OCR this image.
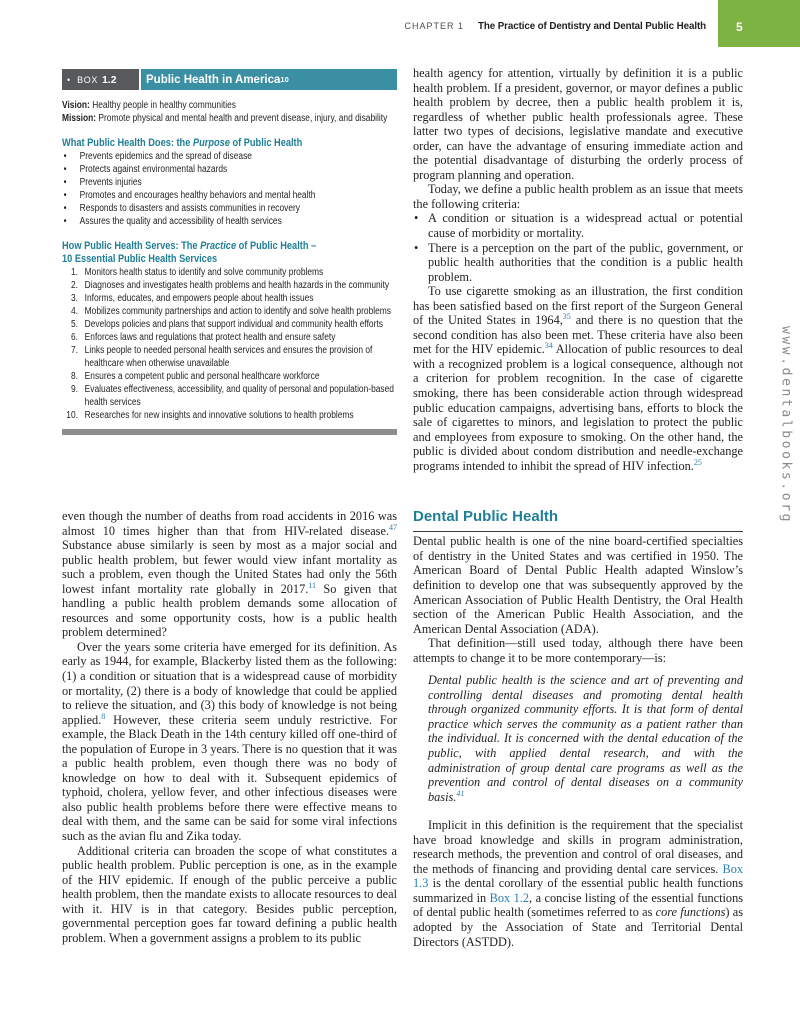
CHAPTER 1 The Practice of Dentistry and Dental Public Health	5
• BOX 1.2	Public Health in America 10
Vision: Healthy people in healthy communities
Mission: Promote physical and mental health and prevent disease, injury, and disability
What Public Health Does: the Purpose of Public Health
• Prevents epidemics and the spread of disease
• Protects against environmental hazards
• Prevents injuries
• Promotes and encourages healthy behaviors and mental health
• Responds to disasters and assists communities in recovery
• Assures the quality and accessibility of health services
How Public Health Serves: The Practice of Public Health –
10 Essential Public Health Services
1. Monitors health status to identify and solve community problems
2. Diagnoses and investigates health problems and health hazards in the community
3. Informs, educates, and empowers people about health issues
4. Mobilizes community partnerships and action to identify and solve health problems
5. Develops policies and plans that support individual and community health efforts
6. Enforces laws and regulations that protect health and ensure safety
7. Links people to needed personal health services and ensures the provision of healthcare when otherwise unavailable
8. Ensures a competent public and personal healthcare workforce
9. Evaluates effectiveness, accessibility, and quality of personal and population-based health services
10. Researches for new insights and innovative solutions to health problems

even though the number of deaths from road accidents in 2016 was almost 10 times higher than that from HIV-related disease.$^{47}$ Substance abuse similarly is seen by most as a major social and public health problem, but fewer would view infant mortality as such a problem, even though the United States had only the 56th lowest infant mortality rate globally in 2017.11 So given that handling a public health problem demands some allocation of resources and some opportunity costs, how is a public health problem determined?

Over the years some criteria have emerged for its definition. As early as 1944, for example, Blackerby listed them as the following: (1) a condition or situation that is a widespread cause of morbidity or mortality, (2) there is a body of knowledge that could be applied to relieve the situation, and (3) this body of knowledge is not being applied.$^8$ However, these criteria seem unduly restrictive. For example, the Black Death in the 14th century killed off one-third of the population of Europe in 3 years. There is no question that it was a public health problem, even though there was no body of knowledge on how to deal with it. Subsequent epidemics of typhoid, cholera, yellow fever, and other infectious diseases were also public health problems before there were effective means to deal with them, and the same can be said for some viral infections such as the avian flu and Zika today.

Additional criteria can broaden the scope of what constitutes a public health problem. Public perception is one, as in the example of the HIV epidemic. If enough of the public perceive a public health problem, then the mandate exists to allocate resources to deal with it. HIV is in that category. Besides public perception, governmental perception goes far toward defining a public health problem. When a government assigns a problem to its public

health agency for attention, virtually by definition it is a public health problem. If a president, governor, or mayor defines a public health problem by decree, then a public health problem it is, regardless of whether public health professionals agree. These latter two types of decisions, legislative mandate and executive order, can have the advantage of ensuring immediate action and the potential disadvantage of disturbing the orderly process of program planning and operation.

Today, we define a public health problem as an issue that meets the following criteria:

• A condition or situation is a widespread actual or potential cause of morbidity or mortality.
• There is a perception on the part of the public, government, or public health authorities that the condition is a public health problem.

To use cigarette smoking as an illustration, the first condition has been satisfied based on the first report of the Surgeon General of the United States in 1964,35 and there is no question that the second condition has also been met. These criteria have also been met for the HIV epidemic.$^{34}$ Allocation of public resources to deal with a recognized problem is a logical consequence, although not a criterion for problem recognition. In the case of cigarette smoking, there has been considerable action through widespread public education campaigns, advertising bans, efforts to block the sale of cigarettes to minors, and legislation to protect the public and employees from exposure to smoking. On the other hand, the public is divided about condom distribution and needle-exchange programs intended to inhibit the spread of HIV infection.$^{25}$

Dental Public Health

Dental public health is one of the nine board-certified specialties of dentistry in the United States and was certified in 1950. The American Board of Dental Public Health adapted Winslow’s definition to develop one that was subsequently approved by the American Association of Public Health Dentistry, the Oral Health section of the American Public Health Association, and the American Dental Association (ADA).

That definition—still used today, although there have been attempts to change it to be more contemporary—is:

Dental public health is the science and art of preventing and controlling dental diseases and promoting dental health through organized community efforts. It is that form of dental practice which serves the community as a patient rather than the individual. It is concerned with the dental education of the public, with applied dental research, and with the administration of group dental care programs as well as the prevention and control of dental diseases on a community basis.$^{41}$

Implicit in this definition is the requirement that the specialist have broad knowledge and skills in program administration, research methods, the prevention and control of oral diseases, and the methods of financing and providing dental care services. Box 1.3 is the dental corollary of the essential public health functions summarized in Box 1.2, a concise listing of the essential functions of dental public health (sometimes referred to as core functions) as adopted by the Association of State and Territorial Dental Directors (ASTDD).

www.dentalbooks.org
